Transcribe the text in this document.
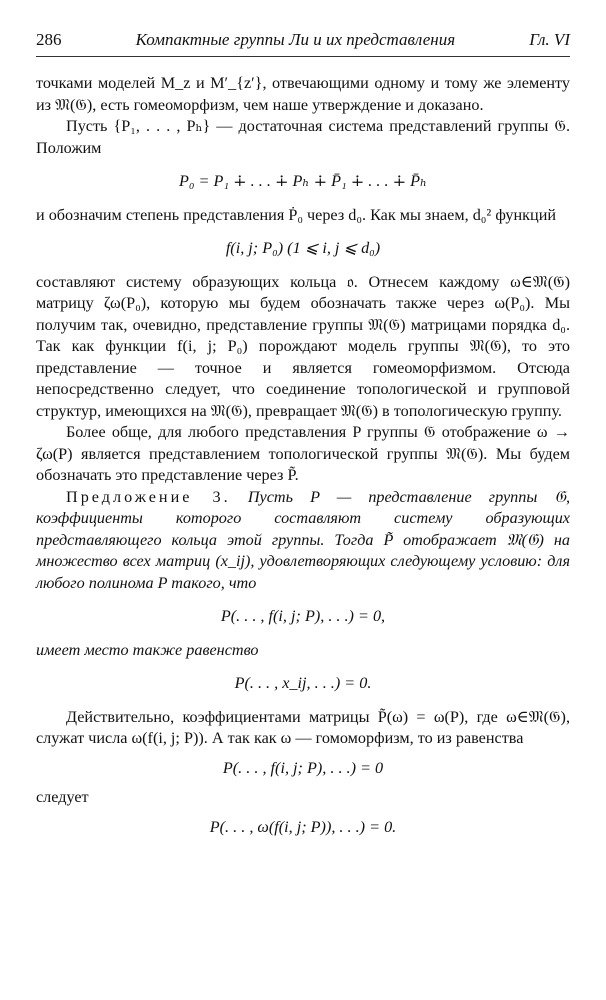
286	Компактные группы Ли и их представления	Гл. VI

точками моделей M_z и M′_{z′}, отвечающими одному и тому же элементу из 𝔐(𝔊), есть гомеоморфизм, чем наше утверждение и доказано.

Пусть {P₁, . . . , Pₕ} — достаточная система представлений группы 𝔊. Положим

P₀ = P₁ ∔ . . . ∔ Pₕ ∔ P̄₁ ∔ . . . ∔ P̄ₕ

и обозначим степень представления Ṗ₀ через d₀. Как мы знаем, d₀² функций

f(i, j; P₀) (1 ⩽ i, j ⩽ d₀)

составляют систему образующих кольца 𝔬. Отнесем каждому ω∈𝔐(𝔊) матрицу ζω(P₀), которую мы будем обозначать также через ω(P₀). Мы получим так, очевидно, представление группы 𝔐(𝔊) матрицами порядка d₀. Так как функции f(i, j; P₀) порождают модель группы 𝔐(𝔊), то это представление — точное и является гомеоморфизмом. Отсюда непосредственно следует, что соединение топологической и групповой структур, имеющихся на 𝔐(𝔊), превращает 𝔐(𝔊) в топологическую группу.

Более обще, для любого представления P группы 𝔊 отображение ω → ζω(P) является представлением топологической группы 𝔐(𝔊). Мы будем обозначать это представление через P̃.

Предложение 3. Пусть P — представление группы 𝔊, коэффициенты которого составляют систему образующих представляющего кольца этой группы. Тогда P̃ отображает 𝔐(𝔊) на множество всех матриц (x_ij), удовлетворяющих следующему условию: для любого полинома P такого, что

P(. . . , f(i, j; P), . . .) = 0,

имеет место также равенство

P(. . . , x_ij, . . .) = 0.

Действительно, коэффициентами матрицы P̃(ω) = ω(P), где ω∈𝔐(𝔊), служат числа ω(f(i, j; P)). А так как ω — гомоморфизм, то из равенства

P(. . . , f(i, j; P), . . .) = 0

следует

P(. . . , ω(f(i, j; P)), . . .) = 0.
